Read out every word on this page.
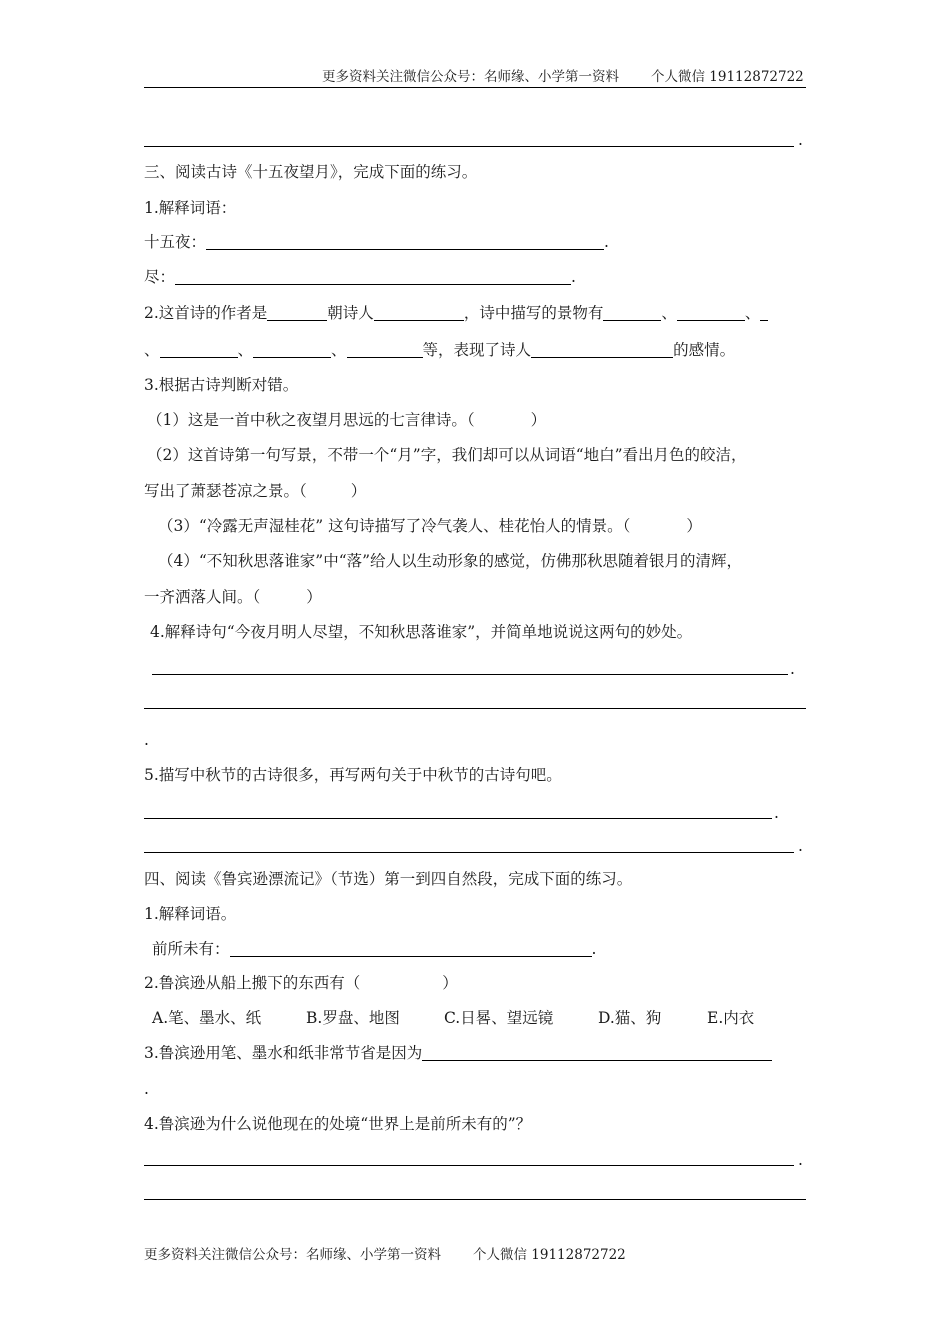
更多资料关注微信公众号：名师缘、小学第一资料 个人微信 19112872722
.
三、阅读古诗《十五夜望月》，完成下面的练习。
1.解释词语：
十五夜：	.
尽：	.
2.这首诗的作者是	朝诗人	，诗中描写的景物有	、	、
、	、	、	等，表现了诗人	的感情。
3.根据古诗判断对错。
（1）这是一首中秋之夜望月思远的七言律诗。（	）
（2）这首诗第一句写景，不带一个“月”字，我们却可以从词语“地白”看出月色的皎洁，
写出了萧瑟苍凉之景。（	）
（3）“冷露无声湿桂花” 这句诗描写了冷气袭人、桂花怡人的情景。（	）
（4）“不知秋思落谁家”中“落”给人以生动形象的感觉，仿佛那秋思随着银月的清辉，
一齐洒落人间。（	）
4.解释诗句“今夜月明人尽望，不知秋思落谁家”，并简单地说说这两句的妙处。
.
.
5.描写中秋节的古诗很多，再写两句关于中秋节的古诗句吧。
.
.
四、阅读《鲁宾逊漂流记》（节选）第一到四自然段，完成下面的练习。
1.解释词语。
前所未有：	.
2.鲁滨逊从船上搬下的东西有（	）
A.笔、墨水、纸	B.罗盘、地图	C.日晷、望远镜	D.猫、狗	E.内衣
3.鲁滨逊用笔、墨水和纸非常节省是因为
.
4.鲁滨逊为什么说他现在的处境“世界上是前所未有的”？
.
更多资料关注微信公众号：名师缘、小学第一资料 个人微信 19112872722
